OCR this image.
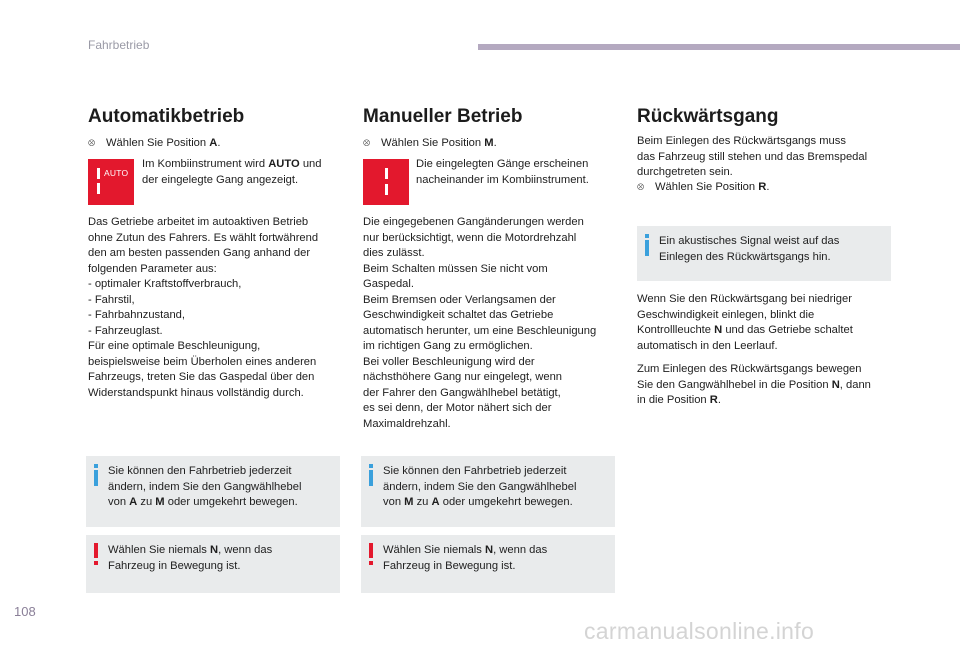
Fahrbetrieb
Automatikbetrieb
⮾ Wählen Sie Position A.
AUTO
Im Kombiinstrument wird AUTO und
der eingelegte Gang angezeigt.
Das Getriebe arbeitet im autoaktiven Betrieb
ohne Zutun des Fahrers. Es wählt fortwährend
den am besten passenden Gang anhand der
folgenden Parameter aus:
- optimaler Kraftstoffverbrauch,
- Fahrstil,
- Fahrbahnzustand,
- Fahrzeuglast.
Für eine optimale Beschleunigung,
beispielsweise beim Überholen eines anderen
Fahrzeugs, treten Sie das Gaspedal über den
Widerstandspunkt hinaus vollständig durch.
Sie können den Fahrbetrieb jederzeit
ändern, indem Sie den Gangwählhebel
von A zu M oder umgekehrt bewegen.
Wählen Sie niemals N, wenn das
Fahrzeug in Bewegung ist.
Manueller Betrieb
⮾ Wählen Sie Position M.
Die eingelegten Gänge erscheinen
nacheinander im Kombiinstrument.
Die eingegebenen Gangänderungen werden
nur berücksichtigt, wenn die Motordrehzahl
dies zulässt.
Beim Schalten müssen Sie nicht vom
Gaspedal.
Beim Bremsen oder Verlangsamen der
Geschwindigkeit schaltet das Getriebe
automatisch herunter, um eine Beschleunigung
im richtigen Gang zu ermöglichen.
Bei voller Beschleunigung wird der
nächsthöhere Gang nur eingelegt, wenn
der Fahrer den Gangwählhebel betätigt,
es sei denn, der Motor nähert sich der
Maximaldrehzahl.
Sie können den Fahrbetrieb jederzeit
ändern, indem Sie den Gangwählhebel
von M zu A oder umgekehrt bewegen.
Wählen Sie niemals N, wenn das
Fahrzeug in Bewegung ist.
Rückwärtsgang
Beim Einlegen des Rückwärtsgangs muss
das Fahrzeug still stehen und das Bremspedal
durchgetreten sein.
⮾ Wählen Sie Position R.
Ein akustisches Signal weist auf das
Einlegen des Rückwärtsgangs hin.
Wenn Sie den Rückwärtsgang bei niedriger
Geschwindigkeit einlegen, blinkt die
Kontrollleuchte N und das Getriebe schaltet
automatisch in den Leerlauf.
Zum Einlegen des Rückwärtsgangs bewegen
Sie den Gangwählhebel in die Position N, dann
in die Position R.
108
carmanualsonline.info
